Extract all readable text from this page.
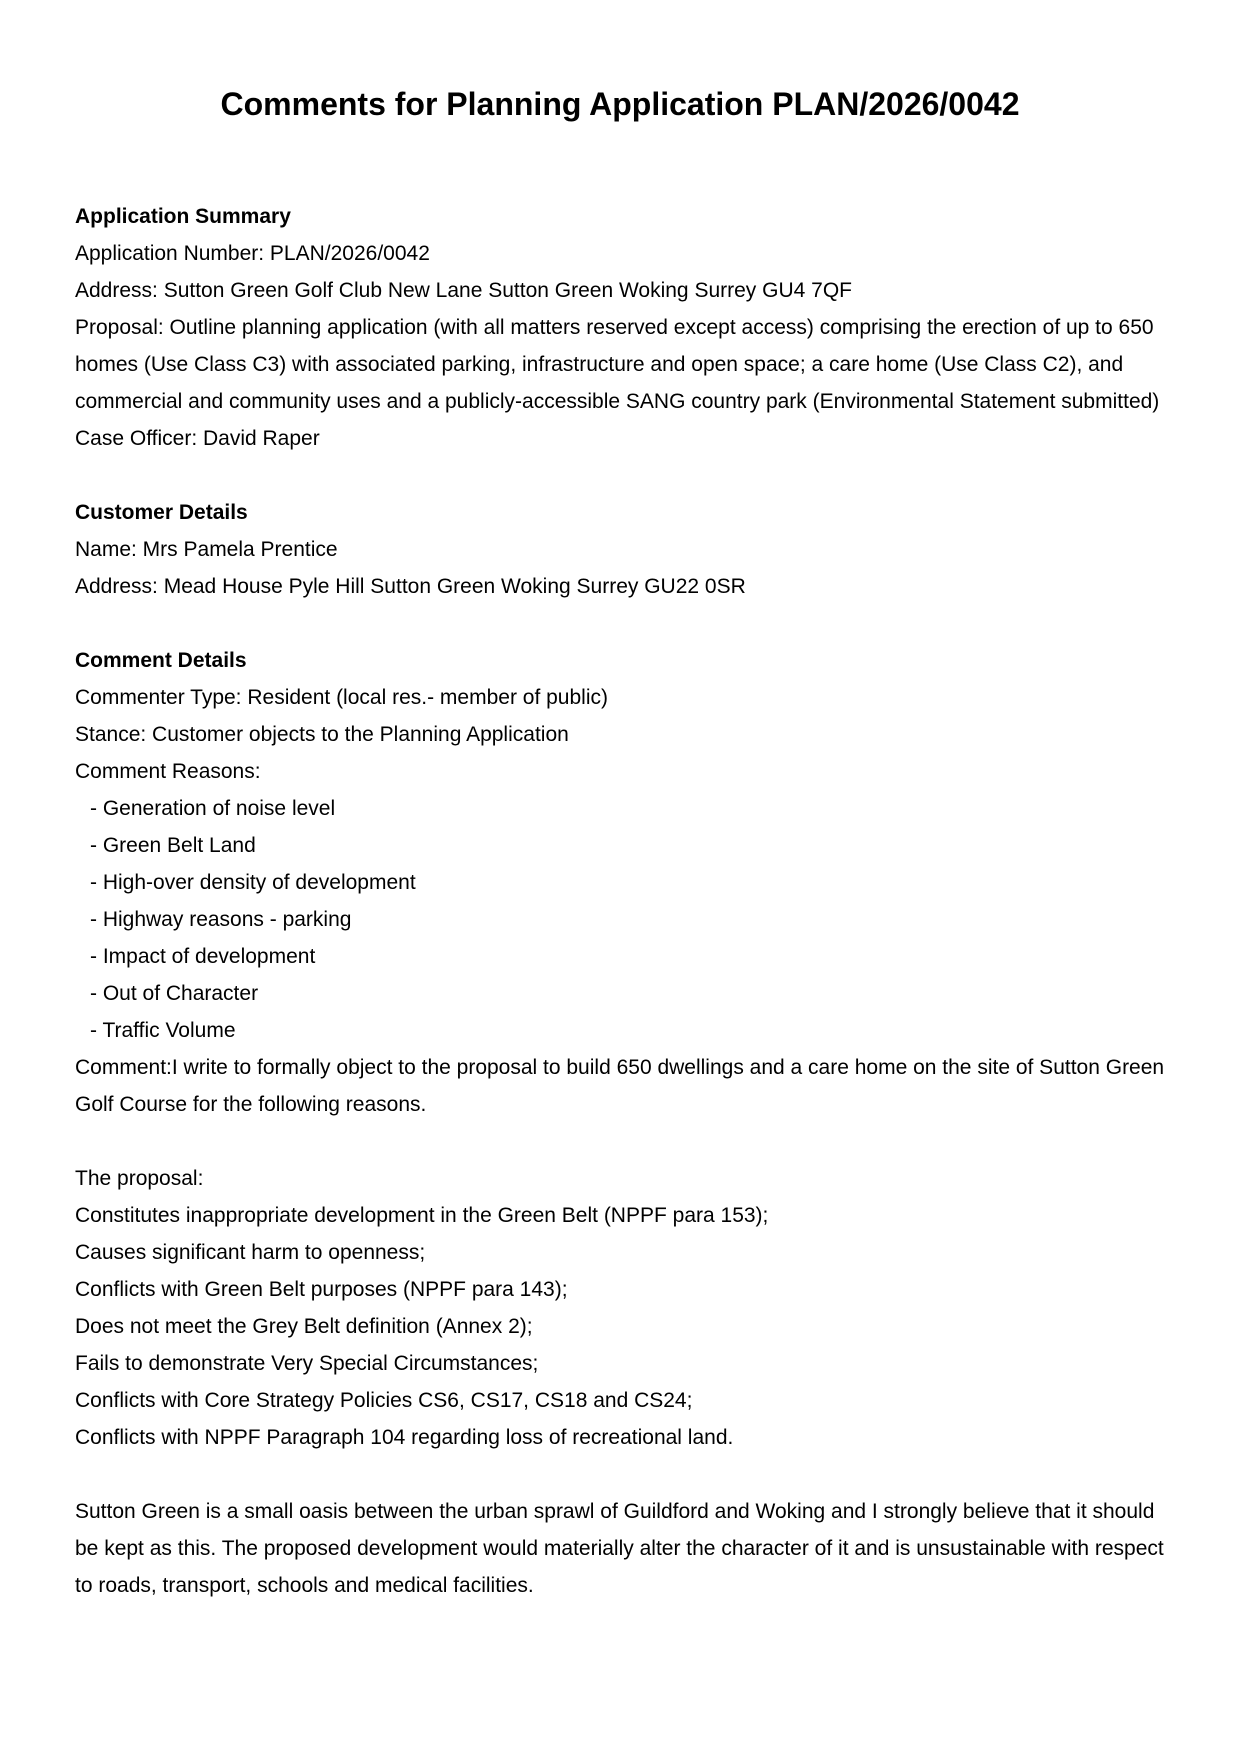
Comments for Planning Application PLAN/2026/0042
Application Summary

Application Number: PLAN/2026/0042

Address: Sutton Green Golf Club New Lane Sutton Green Woking Surrey GU4 7QF

Proposal: Outline planning application (with all matters reserved except access) comprising the erection of up to 650 homes (Use Class C3) with associated parking, infrastructure and open space; a care home (Use Class C2), and commercial and community uses and a publicly-accessible SANG country park (Environmental Statement submitted)

Case Officer: David Raper

Customer Details

Name: Mrs Pamela Prentice

Address: Mead House Pyle Hill Sutton Green Woking Surrey GU22 0SR

Comment Details

Commenter Type: Resident (local res.- member of public)

Stance: Customer objects to the Planning Application

Comment Reasons:

- Generation of noise level

- Green Belt Land

- High-over density of development

- Highway reasons - parking

- Impact of development

- Out of Character

- Traffic Volume

Comment:I write to formally object to the proposal to build 650 dwellings and a care home on the site of Sutton Green Golf Course for the following reasons.

The proposal:

Constitutes inappropriate development in the Green Belt (NPPF para 153);

Causes significant harm to openness;

Conflicts with Green Belt purposes (NPPF para 143);

Does not meet the Grey Belt definition (Annex 2);

Fails to demonstrate Very Special Circumstances;

Conflicts with Core Strategy Policies CS6, CS17, CS18 and CS24;

Conflicts with NPPF Paragraph 104 regarding loss of recreational land.

Sutton Green is a small oasis between the urban sprawl of Guildford and Woking and I strongly believe that it should be kept as this. The proposed development would materially alter the character of it and is unsustainable with respect to roads, transport, schools and medical facilities.
